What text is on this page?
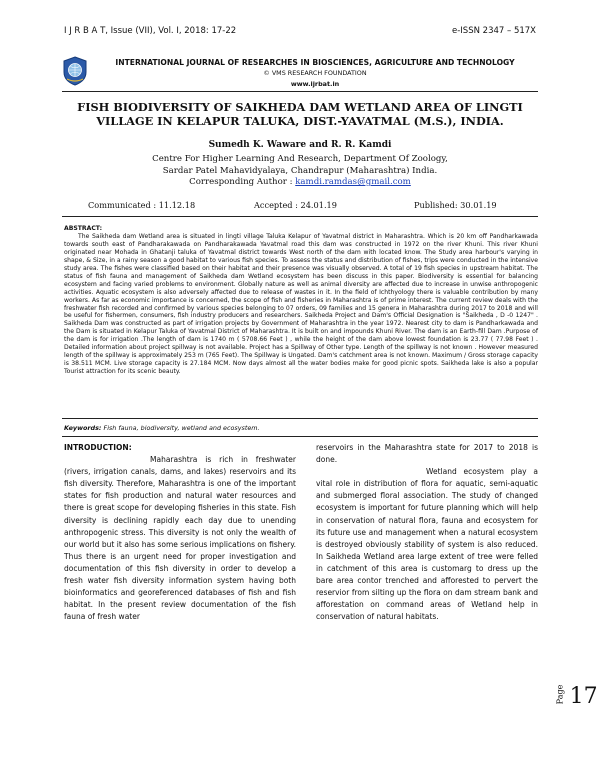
I J R B A T, Issue (VII), Vol. I, 2018: 17-22	e-ISSN 2347 – 517X
INTERNATIONAL JOURNAL OF RESEARCHES IN BIOSCIENCES, AGRICULTURE AND TECHNOLOGY
© VMS RESEARCH FOUNDATION
www.ijrbat.in
FISH BIODIVERSITY OF SAIKHEDA DAM WETLAND AREA OF LINGTI VILLAGE IN KELAPUR TALUKA, DIST.-YAVATMAL (M.S.), INDIA.
Sumedh K. Waware and R. R. Kamdi
Centre For Higher Learning And Research, Department Of Zoology,
Sardar Patel Mahavidyalaya, Chandrapur (Maharashtra) India.
Corresponding Author : kamdi.ramdas@gmail.com
Communicated : 11.12.18	Accepted : 24.01.19	Published: 30.01.19
ABSTRACT:

The Saikheda dam Wetland area is situated in lingti village Taluka Kelapur of Yavatmal district in Maharashtra. Which is 20 km off Pandharkawada towards south east of Pandharakawada on Pandharakawada Yavatmal road this dam was constructed in 1972 on the river Khuni. This river Khuni originated near Mohada in Ghatanji taluka of Yavatmal district towards West north of the dam with located know. The Study area harbour's varying in shape, & Size, in a rainy season a good habitat to various fish species. To assess the status and distribution of fishes, trips were conducted in the intensive study area. The fishes were classified based on their habitat and their presence was visually observed. A total of 19 fish species in upstream habitat. The status of fish fauna and management of Saikheda dam Wetland ecosystem has been discuss in this paper. Biodiversity is essential for balancing ecosystem and facing varied problems to environment. Globally nature as well as animal diversity are affected due to increase in unwise anthropogenic activities. Aquatic ecosystem is also adversely affected due to release of wastes in it. In the field of Ichthyology there is valuable contribution by many workers. As far as economic importance is concerned, the scope of fish and fisheries in Maharashtra is of prime interest. The current review deals with the freshwater fish recorded and confirmed by various species belonging to 07 orders, 09 families and 15 genera in Maharashtra during 2017 to 2018 and will be useful for fishermen, consumers, fish industry producers and researchers. Saikheda Project and Dam's Official Designation is "Saikheda , D -0 1247" . Saikheda Dam was constructed as part of irrigation projects by Government of Maharashtra in the year 1972. Nearest city to dam is Pandharkawada and the Dam is situated in Kelapur Taluka of Yavatmal District of Maharashtra. It is built on and impounds Khuni River. The dam is an Earth-fill Dam .Purpose of the dam is for irrigation .The length of dam is 1740 m ( 5708.66 Feet ) , while the height of the dam above lowest foundation is 23.77 ( 77.98 Feet ) . Detailed information about project spillway is not available. Project has a Spillway of Other type. Length of the spillway is not known . However measured length of the spillway is approximately 253 m (765 Feet). The Spillway is Ungated. Dam's catchment area is not known. Maximum / Gross storage capacity is 38.511 MCM. Live storage capacity is 27.184 MCM. Now days almost all the water bodies make for good picnic spots. Saikheda lake is also a popular Tourist attraction for its scenic beauty.

Keywords: Fish fauna, biodiversity, wetland and ecosystem.
INTRODUCTION:

Maharashtra is rich in freshwater (rivers, irrigation canals, dams, and lakes) reservoirs and its fish diversity. Therefore, Maharashtra is one of the important states for fish production and natural water resources and there is great scope for developing fisheries in this state. Fish diversity is declining rapidly each day due to unending anthropogenic stress. This diversity is not only the wealth of our world but it also has some serious implications on fishery. Thus there is an urgent need for proper investigation and documentation of this fish diversity in order to develop a fresh water fish diversity information system having both bioinformatics and georeferenced databases of fish and fish habitat. In the present review documentation of the fish fauna of fresh water

reservoirs in the Maharashtra state for 2017 to 2018 is done.

Wetland ecosystem play a vital role in distribution of flora for aquatic, semi-aquatic and submerged floral association. The study of changed ecosystem is important for future planning which will help in conservation of natural flora, fauna and ecosystem for its future use and management when a natural ecosystem is destroyed obviously stability of system is also reduced. In Saikheda Wetland area large extent of tree were felled in catchment of this area is customarg to dress up the bare area contor trenched and afforested to pervert the reservior from silting up the flora on dam stream bank and afforestation on command areas of Wetland help in conservation of natural habitats.

Page 17
